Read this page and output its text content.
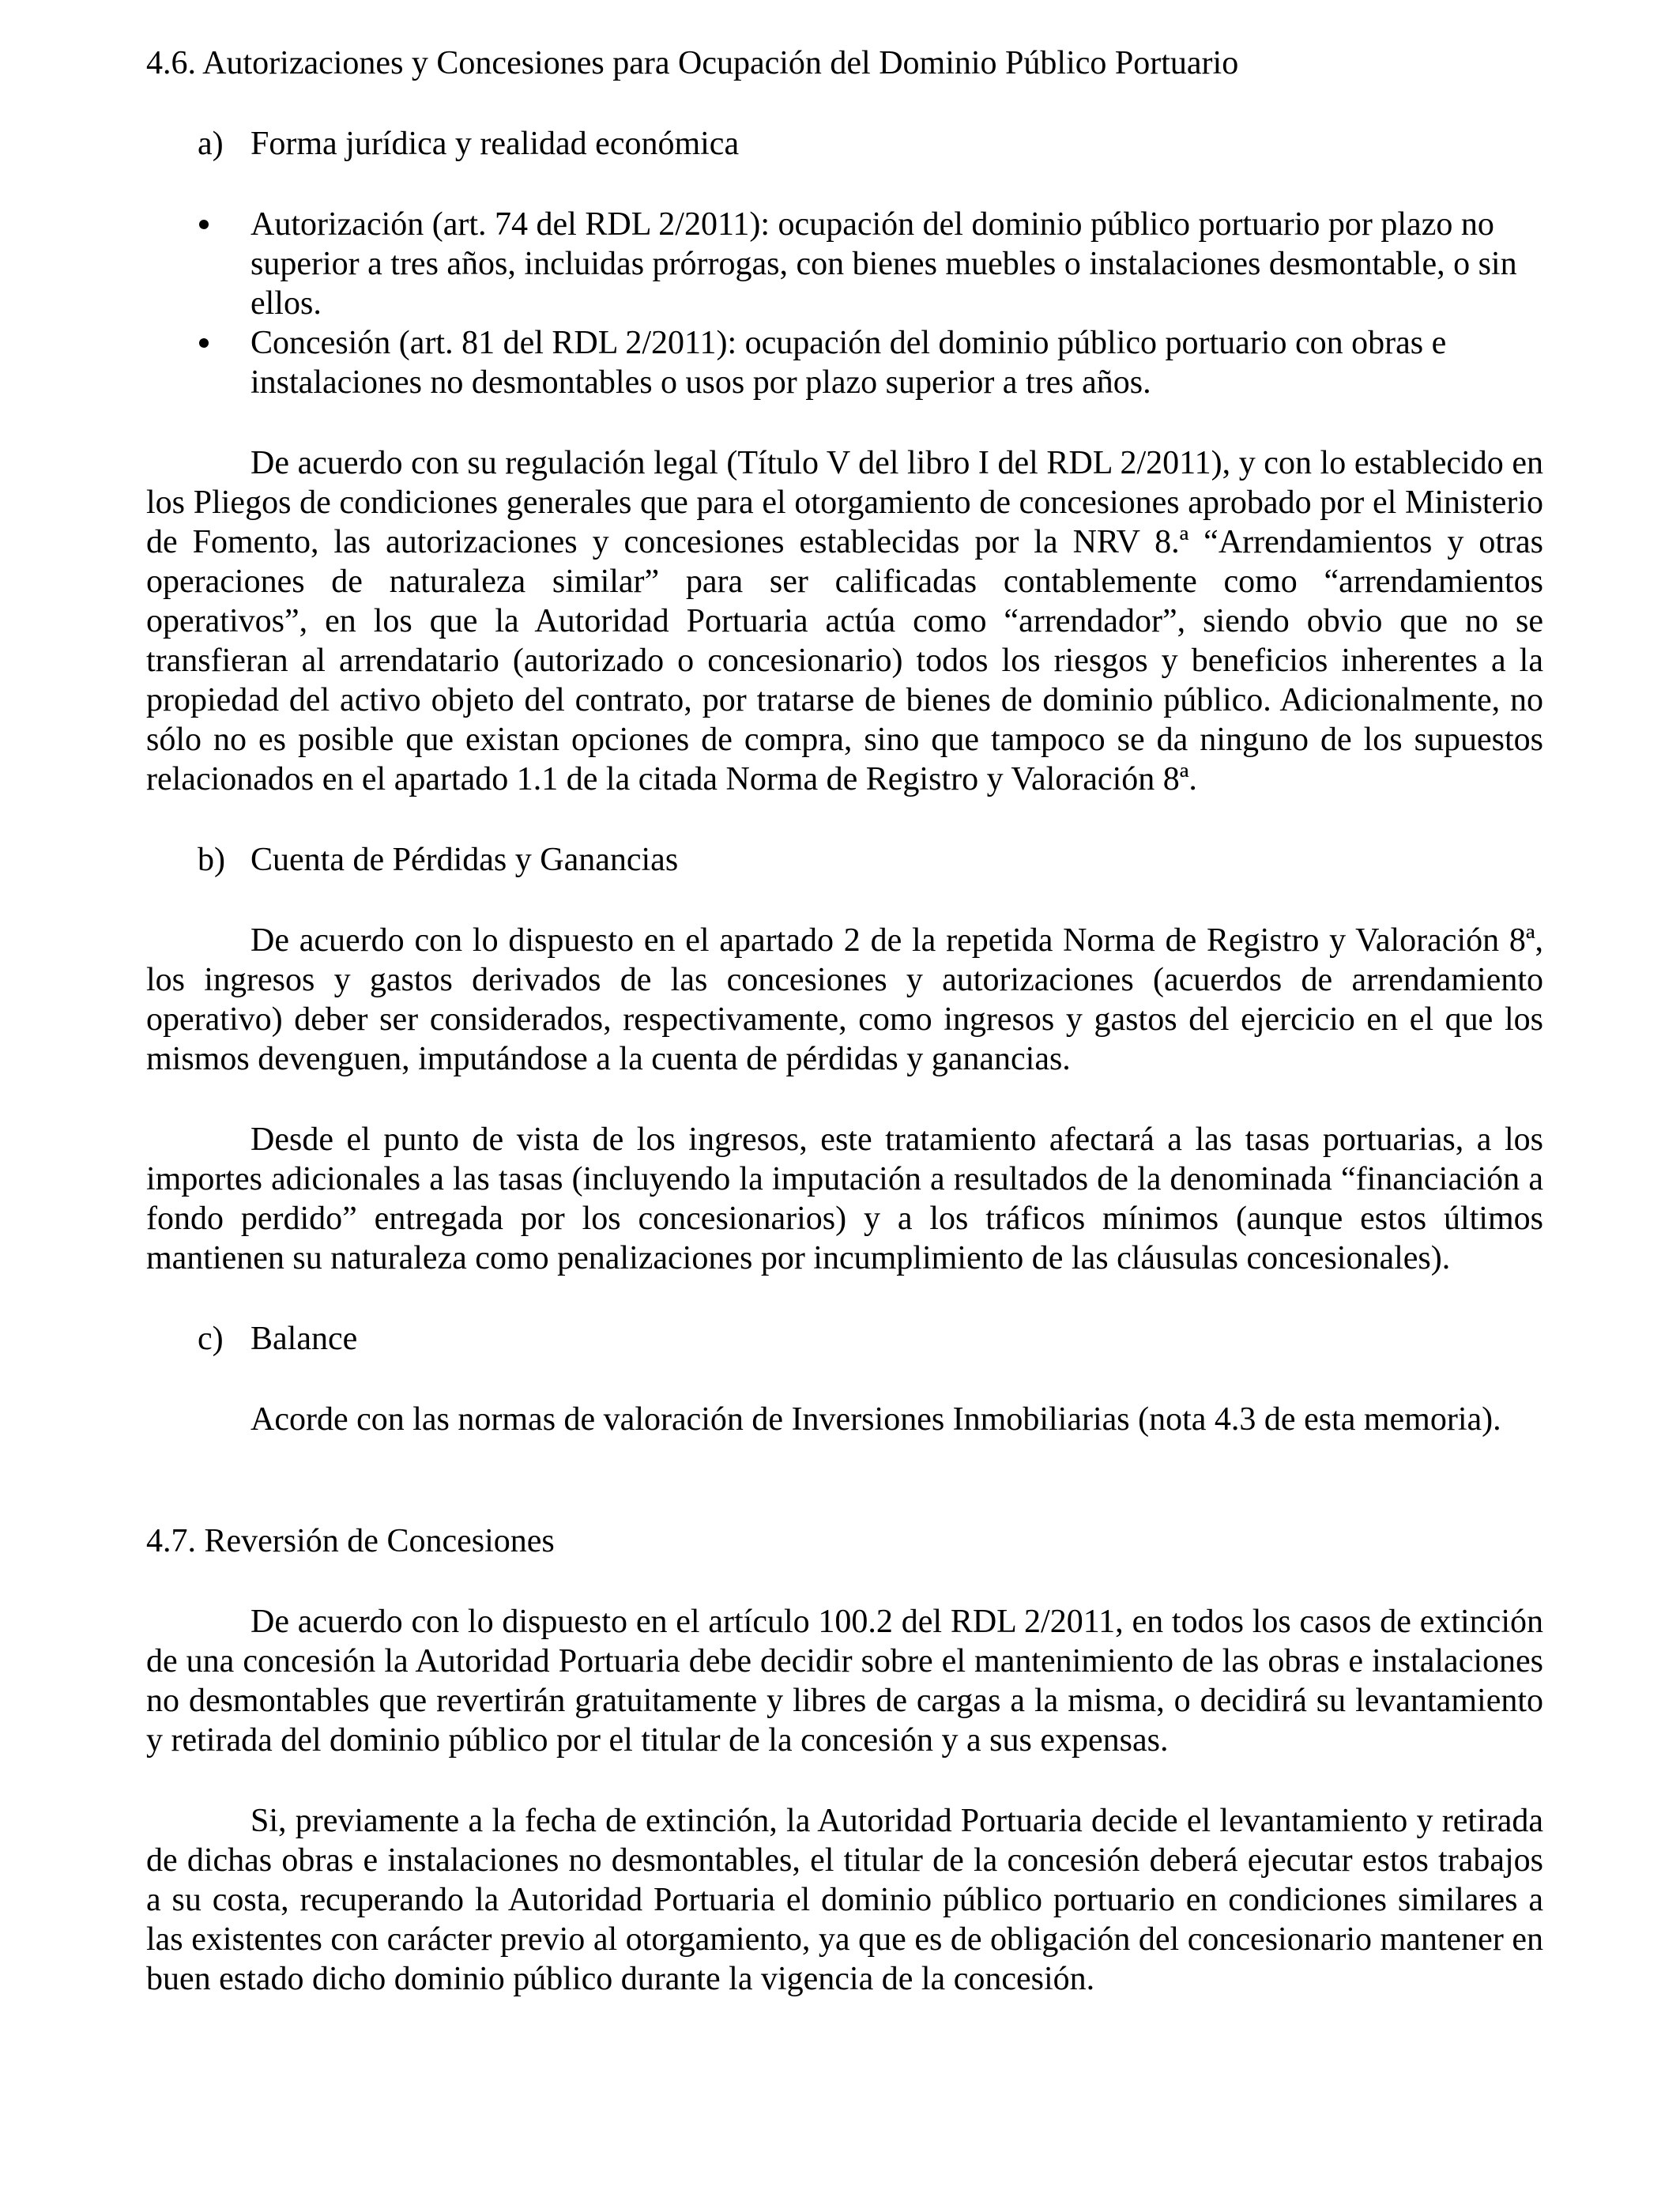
4.6. Autorizaciones y Concesiones para Ocupación del Dominio Público Portuario

a) Forma jurídica y realidad económica

Autorización (art. 74 del RDL 2/2011): ocupación del dominio público portuario por plazo no superior a tres años, incluidas prórrogas, con bienes muebles o instalaciones desmontable, o sin ellos.
Concesión (art. 81 del RDL 2/2011): ocupación del dominio público portuario con obras e instalaciones no desmontables o usos por plazo superior a tres años.

De acuerdo con su regulación legal (Título V del libro I del RDL 2/2011), y con lo establecido en los Pliegos de condiciones generales que para el otorgamiento de concesiones aprobado por el Ministerio de Fomento, las autorizaciones y concesiones establecidas por la NRV 8.ª “Arrendamientos y otras operaciones de naturaleza similar” para ser calificadas contablemente como “arrendamientos operativos”, en los que la Autoridad Portuaria actúa como “arrendador”, siendo obvio que no se transfieran al arrendatario (autorizado o concesionario) todos los riesgos y beneficios inherentes a la propiedad del activo objeto del contrato, por tratarse de bienes de dominio público. Adicionalmente, no sólo no es posible que existan opciones de compra, sino que tampoco se da ninguno de los supuestos relacionados en el apartado 1.1 de la citada Norma de Registro y Valoración 8ª.

b) Cuenta de Pérdidas y Ganancias

De acuerdo con lo dispuesto en el apartado 2 de la repetida Norma de Registro y Valoración 8ª, los ingresos y gastos derivados de las concesiones y autorizaciones (acuerdos de arrendamiento operativo) deber ser considerados, respectivamente, como ingresos y gastos del ejercicio en el que los mismos devenguen, imputándose a la cuenta de pérdidas y ganancias.

Desde el punto de vista de los ingresos, este tratamiento afectará a las tasas portuarias, a los importes adicionales a las tasas (incluyendo la imputación a resultados de la denominada “financiación a fondo perdido” entregada por los concesionarios) y a los tráficos mínimos (aunque estos últimos mantienen su naturaleza como penalizaciones por incumplimiento de las cláusulas concesionales).

c) Balance

Acorde con las normas de valoración de Inversiones Inmobiliarias (nota 4.3 de esta memoria).

4.7. Reversión de Concesiones

De acuerdo con lo dispuesto en el artículo 100.2 del RDL 2/2011, en todos los casos de extinción de una concesión la Autoridad Portuaria debe decidir sobre el mantenimiento de las obras e instalaciones no desmontables que revertirán gratuitamente y libres de cargas a la misma, o decidirá su levantamiento y retirada del dominio público por el titular de la concesión y a sus expensas.

Si, previamente a la fecha de extinción, la Autoridad Portuaria decide el levantamiento y retirada de dichas obras e instalaciones no desmontables, el titular de la concesión deberá ejecutar estos trabajos a su costa, recuperando la Autoridad Portuaria el dominio público portuario en condiciones similares a las existentes con carácter previo al otorgamiento, ya que es de obligación del concesionario mantener en buen estado dicho dominio público durante la vigencia de la concesión.
